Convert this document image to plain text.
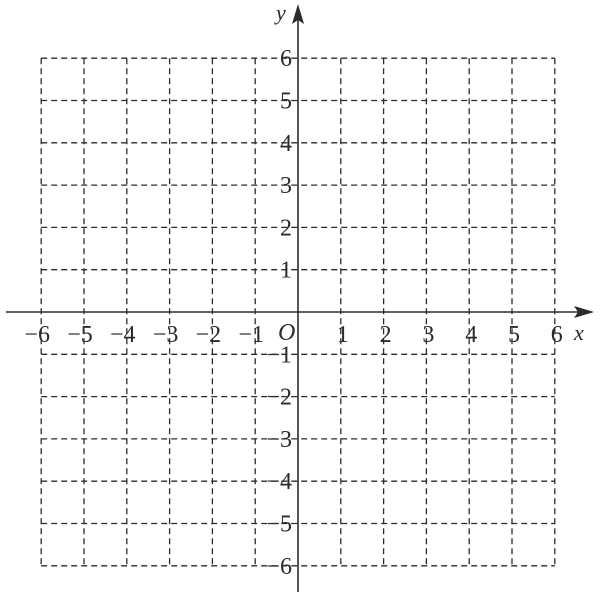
−6 −5 −4 −3 −2 −1	1 2 3 4 5 6
6
5
4
3
2
1
−1
−2
−3
−4
−5
−6
x
y
O
